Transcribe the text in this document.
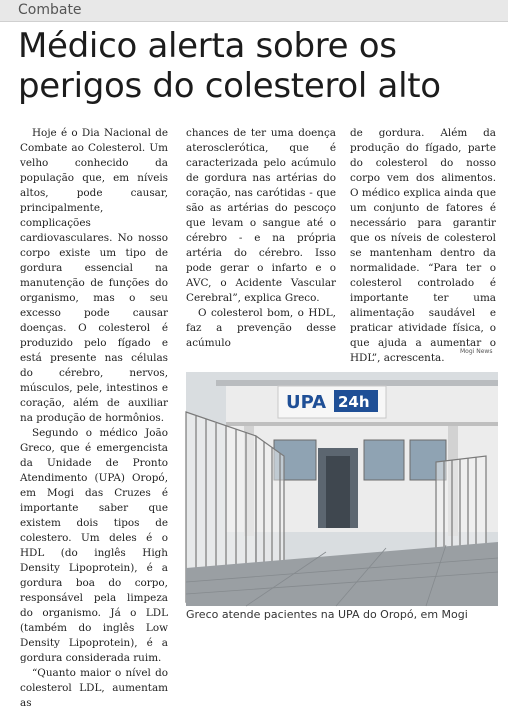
Combate
Médico alerta sobre os perigos do colesterol alto

Hoje é o Dia Nacional de Combate ao Colesterol. Um velho conhecido da população que, em níveis altos, pode causar, principalmente, complicações cardiovasculares. No nosso corpo existe um tipo de gordura essencial na manutenção de funções do organismo, mas o seu excesso pode causar doenças. O colesterol é produzido pelo fígado e está presente nas células do cérebro, nervos, músculos, pele, intestinos e coração, além de auxiliar na produção de hormônios.

Segundo o médico João Greco, que é emergencista da Unidade de Pronto Atendimento (UPA) Oropó, em Mogi das Cruzes é importante saber que existem dois tipos de colestero. Um deles é o HDL (do inglês High Density Lipoprotein), é a gordura boa do corpo, responsável pela limpeza do organismo. Já o LDL (também do inglês Low Density Lipoprotein), é a gordura considerada ruim.

“Quanto maior o nível do colesterol LDL, aumentam as

chances de ter uma doença aterosclerótica, que é caracterizada pelo acúmulo de gordura nas artérias do coração, nas carótidas - que são as artérias do pescoço que levam o sangue até o cérebro - e na própria artéria do cérebro. Isso pode gerar o infarto e o AVC, o Acidente Vascular Cerebral”, explica Greco.

O colesterol bom, o HDL, faz a prevenção desse acúmulo

de gordura. Além da produção do fígado, parte do colesterol do nosso corpo vem dos alimentos. O médico explica ainda que um conjunto de fatores é necessário para garantir que os níveis de colesterol se mantenham dentro da normalidade. “Para ter o colesterol controlado é importante ter uma alimentação saudável e praticar atividade física, o que ajuda a aumentar o HDL”, acrescenta.

Mogi News
UPA 24h
Greco atende pacientes na UPA do Oropó, em Mogi
